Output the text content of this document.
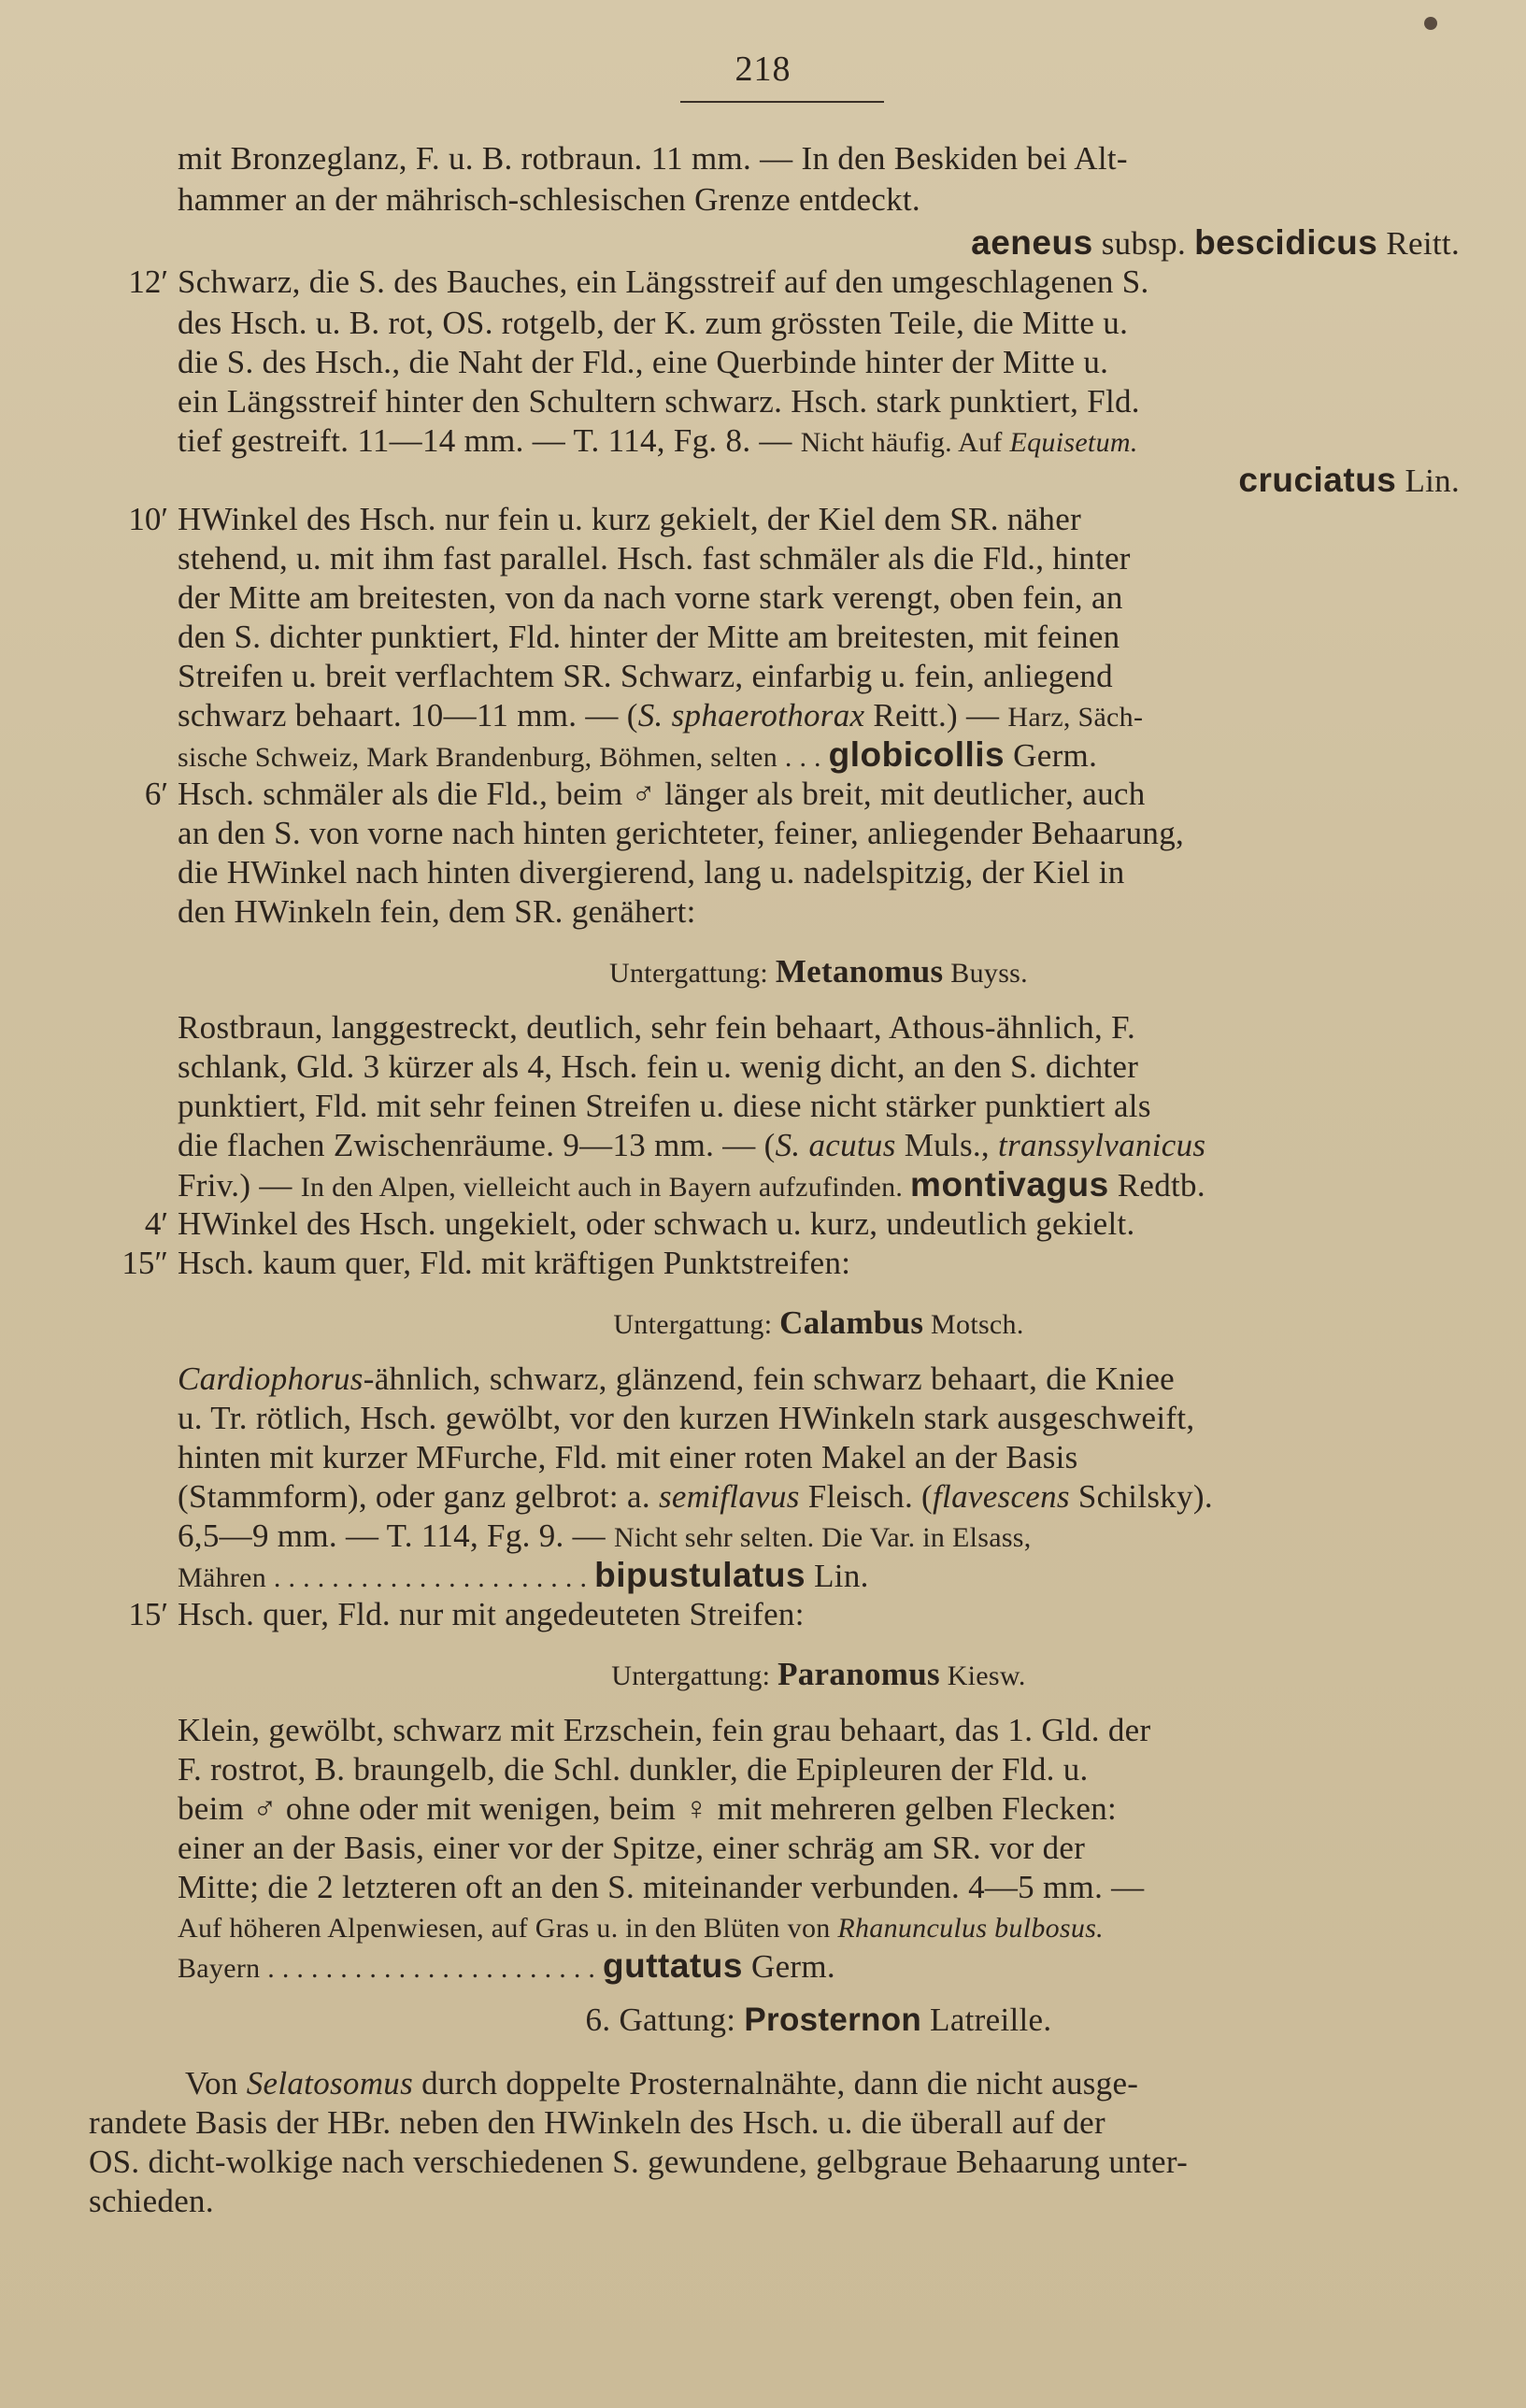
218
mit Bronzeglanz, F. u. B. rotbraun. 11 mm. — In den Beskiden bei Alt-
hammer an der mährisch-schlesischen Grenze entdeckt.
aeneus subsp. bescidicus Reitt.
12′ Schwarz, die S. des Bauches, ein Längsstreif auf den umgeschlagenen S.
des Hsch. u. B. rot, OS. rotgelb, der K. zum grössten Teile, die Mitte u.
die S. des Hsch., die Naht der Fld., eine Querbinde hinter der Mitte u.
ein Längsstreif hinter den Schultern schwarz. Hsch. stark punktiert, Fld.
tief gestreift. 11—14 mm. — T. 114, Fg. 8. — Nicht häufig. Auf Equisetum.
cruciatus Lin.
10′ HWinkel des Hsch. nur fein u. kurz gekielt, der Kiel dem SR. näher
stehend, u. mit ihm fast parallel. Hsch. fast schmäler als die Fld., hinter
der Mitte am breitesten, von da nach vorne stark verengt, oben fein, an
den S. dichter punktiert, Fld. hinter der Mitte am breitesten, mit feinen
Streifen u. breit verflachtem SR. Schwarz, einfarbig u. fein, anliegend
schwarz behaart. 10—11 mm. — (S. sphaerothorax Reitt.) — Harz, Säch-
sische Schweiz, Mark Brandenburg, Böhmen, selten . . . globicollis Germ.
6′ Hsch. schmäler als die Fld., beim ♂ länger als breit, mit deutlicher, auch
an den S. von vorne nach hinten gerichteter, feiner, anliegender Behaarung,
die HWinkel nach hinten divergierend, lang u. nadelspitzig, der Kiel in
den HWinkeln fein, dem SR. genähert:
Untergattung: Metanomus Buyss.
Rostbraun, langgestreckt, deutlich, sehr fein behaart, Athous-ähnlich, F.
schlank, Gld. 3 kürzer als 4, Hsch. fein u. wenig dicht, an den S. dichter
punktiert, Fld. mit sehr feinen Streifen u. diese nicht stärker punktiert als
die flachen Zwischenräume. 9—13 mm. — (S. acutus Muls., transsylvanicus
Friv.) — In den Alpen, vielleicht auch in Bayern aufzufinden. montivagus Redtb.
4′ HWinkel des Hsch. ungekielt, oder schwach u. kurz, undeutlich gekielt.
15″ Hsch. kaum quer, Fld. mit kräftigen Punktstreifen:
Untergattung: Calambus Motsch.
Cardiophorus-ähnlich, schwarz, glänzend, fein schwarz behaart, die Kniee
u. Tr. rötlich, Hsch. gewölbt, vor den kurzen HWinkeln stark ausgeschweift,
hinten mit kurzer MFurche, Fld. mit einer roten Makel an der Basis
(Stammform), oder ganz gelbrot: a. semiflavus Fleisch. (flavescens Schilsky).
6,5—9 mm. — T. 114, Fg. 9. — Nicht sehr selten. Die Var. in Elsass,
Mähren . . . . . . . . . . . . . . . . . . . . . . bipustulatus Lin.
15′ Hsch. quer, Fld. nur mit angedeuteten Streifen:
Untergattung: Paranomus Kiesw.
Klein, gewölbt, schwarz mit Erzschein, fein grau behaart, das 1. Gld. der
F. rostrot, B. braungelb, die Schl. dunkler, die Epipleuren der Fld. u.
beim ♂ ohne oder mit wenigen, beim ♀ mit mehreren gelben Flecken:
einer an der Basis, einer vor der Spitze, einer schräg am SR. vor der
Mitte; die 2 letzteren oft an den S. miteinander verbunden. 4—5 mm. —
Auf höheren Alpenwiesen, auf Gras u. in den Blüten von Rhanunculus bulbosus.
Bayern . . . . . . . . . . . . . . . . . . . . . . . guttatus Germ.
6. Gattung: Prosternon Latreille.
Von Selatosomus durch doppelte Prosternalnähte, dann die nicht ausge-
randete Basis der HBr. neben den HWinkeln des Hsch. u. die überall auf der
OS. dicht-wolkige nach verschiedenen S. gewundene, gelbgraue Behaarung unter-
schieden.
